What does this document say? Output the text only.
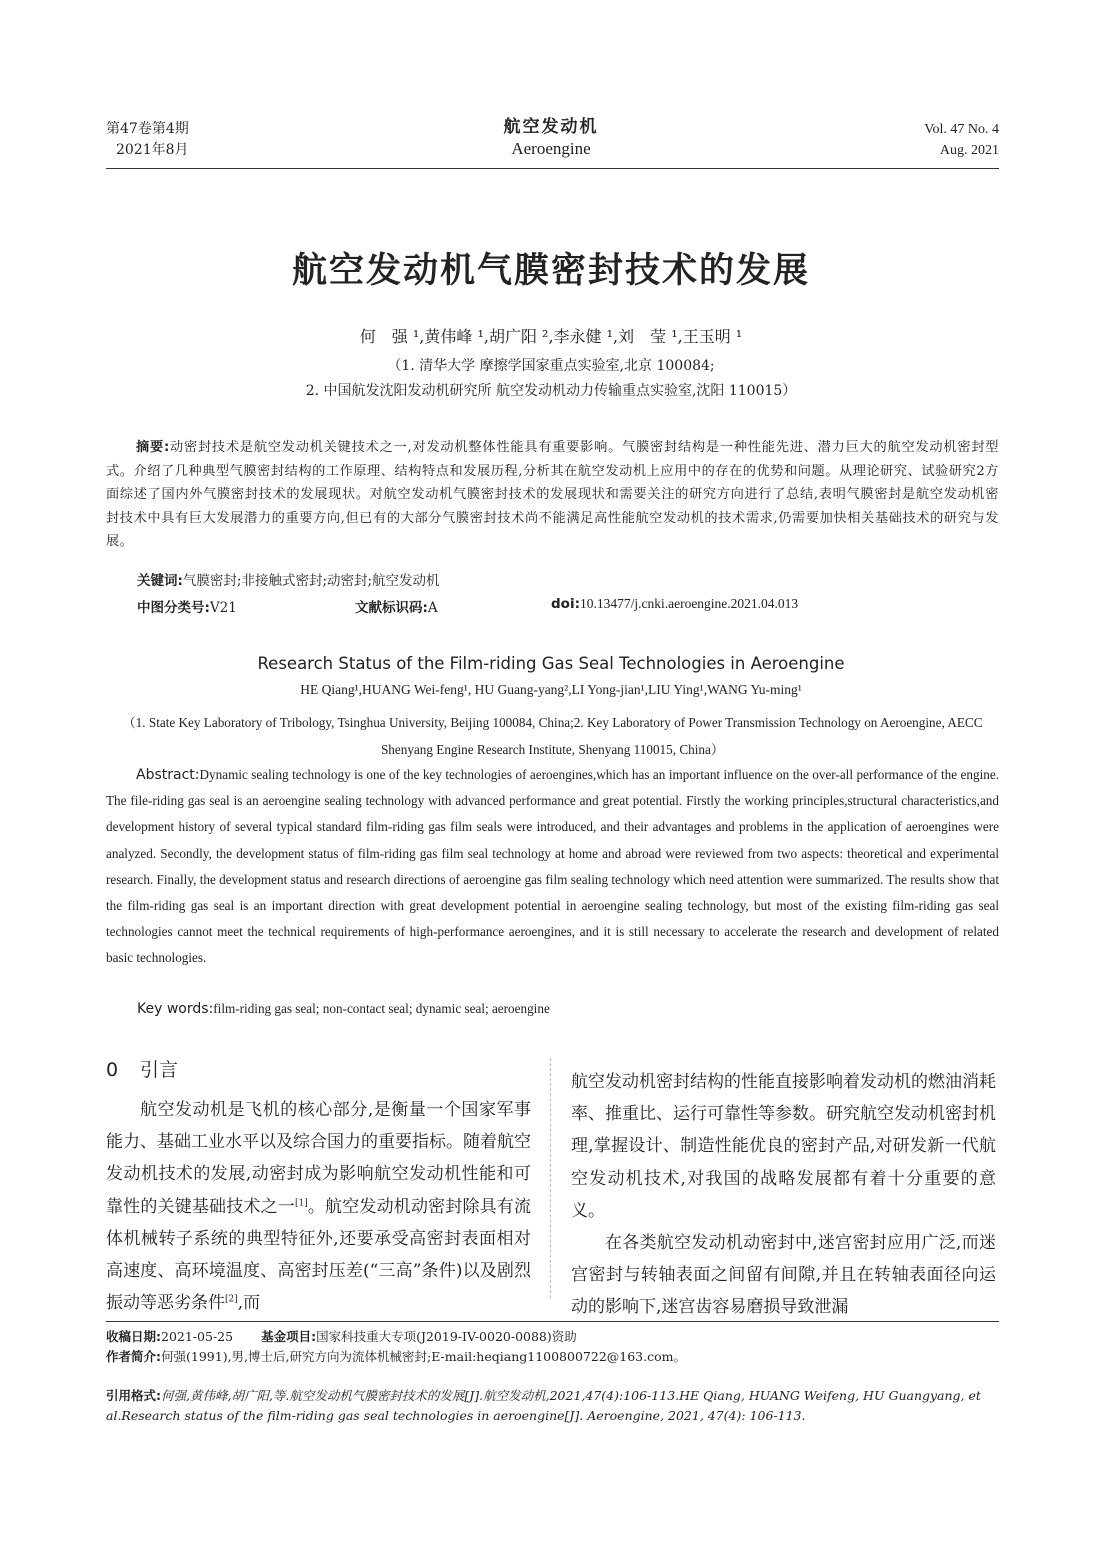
第47卷第4期
2021年8月
航空发动机
Aeroengine
Vol. 47 No. 4
Aug. 2021
航空发动机气膜密封技术的发展
何　强 ¹,黄伟峰 ¹,胡广阳 ²,李永健 ¹,刘　莹 ¹,王玉明 ¹
（1. 清华大学 摩擦学国家重点实验室,北京 100084;
2. 中国航发沈阳发动机研究所 航空发动机动力传输重点实验室,沈阳 110015）
摘要:动密封技术是航空发动机关键技术之一,对发动机整体性能具有重要影响。气膜密封结构是一种性能先进、潜力巨大的航空发动机密封型式。介绍了几种典型气膜密封结构的工作原理、结构特点和发展历程,分析其在航空发动机上应用中的存在的优势和问题。从理论研究、试验研究2方面综述了国内外气膜密封技术的发展现状。对航空发动机气膜密封技术的发展现状和需要关注的研究方向进行了总结,表明气膜密封是航空发动机密封技术中具有巨大发展潜力的重要方向,但已有的大部分气膜密封技术尚不能满足高性能航空发动机的技术需求,仍需要加快相关基础技术的研究与发展。
关键词:气膜密封;非接触式密封;动密封;航空发动机
中图分类号:V21	文献标识码:A	doi:10.13477/j.cnki.aeroengine.2021.04.013
Research Status of the Film-riding Gas Seal Technologies in Aeroengine
HE Qiang¹,HUANG Wei-feng¹, HU Guang-yang²,LI Yong-jian¹,LIU Ying¹,WANG Yu-ming¹
（1. State Key Laboratory of Tribology, Tsinghua University, Beijing 100084, China;2. Key Laboratory of Power Transmission Technology on Aeroengine, AECC Shenyang Engine Research Institute, Shenyang 110015, China）
Abstract:Dynamic sealing technology is one of the key technologies of aeroengines,which has an important influence on the over-all performance of the engine. The file-riding gas seal is an aeroengine sealing technology with advanced performance and great potential. Firstly the working principles,structural characteristics,and development history of several typical standard film-riding gas film seals were introduced, and their advantages and problems in the application of aeroengines were analyzed. Secondly, the development status of film-riding gas film seal technology at home and abroad were reviewed from two aspects: theoretical and experimental research. Finally, the development status and research directions of aeroengine gas film sealing technology which need attention were summarized. The results show that the film-riding gas seal is an important direction with great development potential in aeroengine sealing technology, but most of the existing film-riding gas seal technologies cannot meet the technical requirements of high-performance aeroengines, and it is still necessary to accelerate the research and development of related basic technologies.
Key words:film-riding gas seal; non-contact seal; dynamic seal; aeroengine
0 引言

航空发动机是飞机的核心部分,是衡量一个国家军事能力、基础工业水平以及综合国力的重要指标。随着航空发动机技术的发展,动密封成为影响航空发动机性能和可靠性的关键基础技术之一[1]。航空发动机动密封除具有流体机械转子系统的典型特征外,还要承受高密封表面相对高速度、高环境温度、高密封压差(“三高”条件)以及剧烈振动等恶劣条件[2],而

航空发动机密封结构的性能直接影响着发动机的燃油消耗率、推重比、运行可靠性等参数。研究航空发动机密封机理,掌握设计、制造性能优良的密封产品,对研发新一代航空发动机技术,对我国的战略发展都有着十分重要的意义。

在各类航空发动机动密封中,迷宫密封应用广泛,而迷宫密封与转轴表面之间留有间隙,并且在转轴表面径向运动的影响下,迷宫齿容易磨损导致泄漏

收稿日期:2021-05-25 基金项目:国家科技重大专项(J2019-IV-0020-0088)资助
作者简介:何强(1991),男,博士后,研究方向为流体机械密封;E-mail:heqiang1100800722@163.com。
引用格式:何强,黄伟峰,胡广阳,等.航空发动机气膜密封技术的发展[J].航空发动机,2021,47(4):106-113.HE Qiang, HUANG Weifeng, HU Guangyang, et al.Research status of the film-riding gas seal technologies in aeroengine[J]. Aeroengine, 2021, 47(4): 106-113.
